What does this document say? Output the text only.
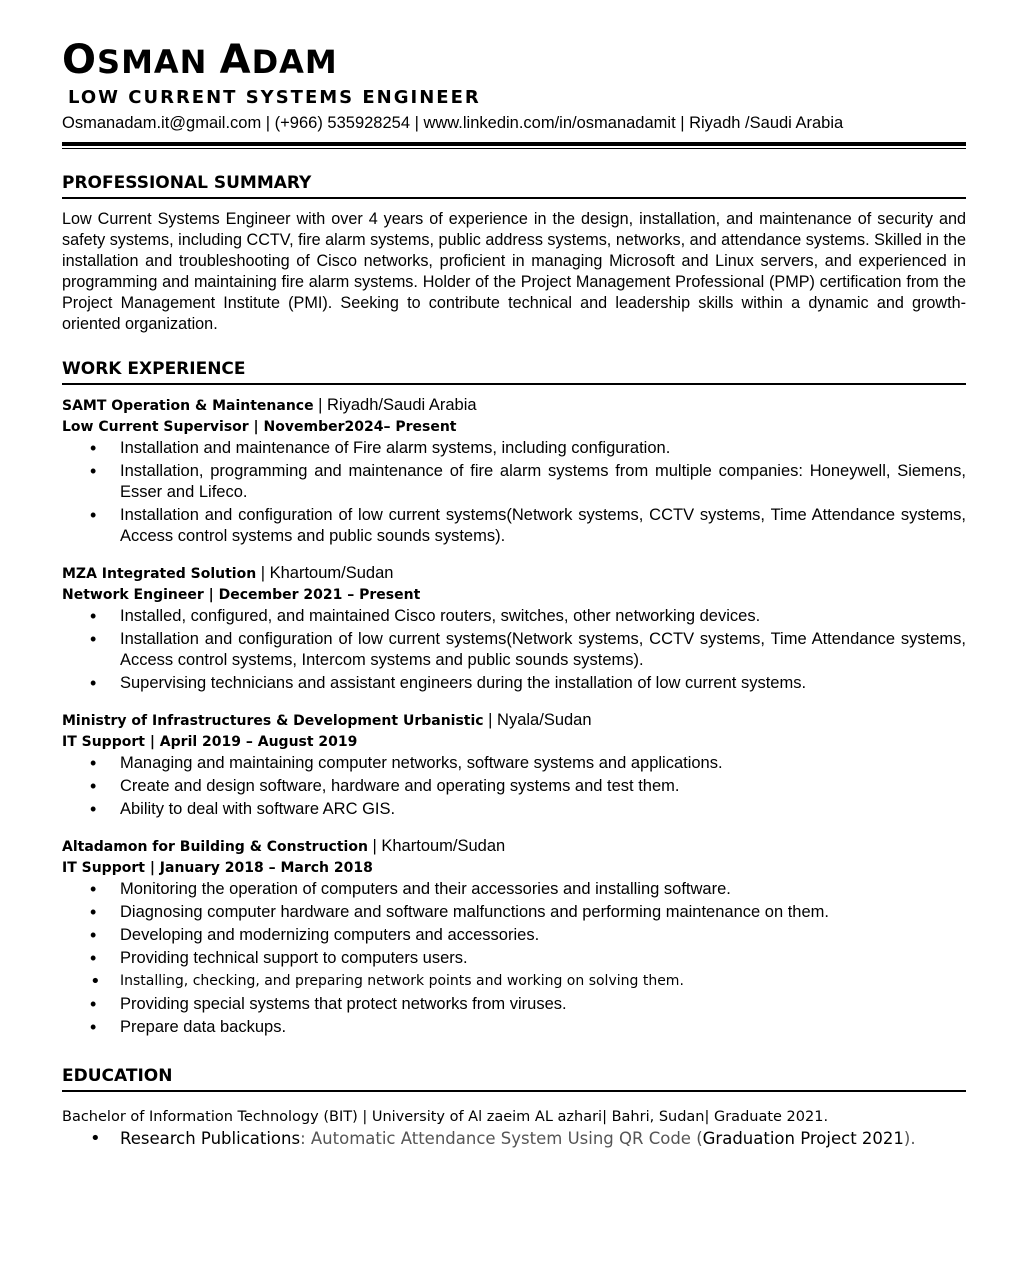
OSMAN ADAM
LOW CURRENT SYSTEMS ENGINEER
Osmanadam.it@gmail.com | (+966) 535928254 | www.linkedin.com/in/osmanadamit | Riyadh /Saudi Arabia
PROFESSIONAL SUMMARY
Low Current Systems Engineer with over 4 years of experience in the design, installation, and maintenance of security and safety systems, including CCTV, fire alarm systems, public address systems, networks, and attendance systems. Skilled in the installation and troubleshooting of Cisco networks, proficient in managing Microsoft and Linux servers, and experienced in programming and maintaining fire alarm systems. Holder of the Project Management Professional (PMP) certification from the Project Management Institute (PMI). Seeking to contribute technical and leadership skills within a dynamic and growth-oriented organization.
WORK EXPERIENCE
SAMT Operation & Maintenance | Riyadh/Saudi Arabia
Low Current Supervisor | November2024– Present
• Installation and maintenance of Fire alarm systems, including configuration.
• Installation, programming and maintenance of fire alarm systems from multiple companies: Honeywell, Siemens, Esser and Lifeco.
• Installation and configuration of low current systems(Network systems, CCTV systems, Time Attendance systems, Access control systems and public sounds systems).
MZA Integrated Solution | Khartoum/Sudan
Network Engineer | December 2021 – Present
• Installed, configured, and maintained Cisco routers, switches, other networking devices.
• Installation and configuration of low current systems(Network systems, CCTV systems, Time Attendance systems, Access control systems, Intercom systems and public sounds systems).
• Supervising technicians and assistant engineers during the installation of low current systems.
Ministry of Infrastructures & Development Urbanistic | Nyala/Sudan
IT Support | April 2019 – August 2019
• Managing and maintaining computer networks, software systems and applications.
• Create and design software, hardware and operating systems and test them.
• Ability to deal with software ARC GIS.
Altadamon for Building & Construction | Khartoum/Sudan
IT Support | January 2018 – March 2018
• Monitoring the operation of computers and their accessories and installing software.
• Diagnosing computer hardware and software malfunctions and performing maintenance on them.
• Developing and modernizing computers and accessories.
• Providing technical support to computers users.
• Installing, checking, and preparing network points and working on solving them.
• Providing special systems that protect networks from viruses.
• Prepare data backups.
EDUCATION
Bachelor of Information Technology (BIT) | University of Al zaeim AL azhari| Bahri, Sudan| Graduate 2021.
• Research Publications: Automatic Attendance System Using QR Code (Graduation Project 2021).
